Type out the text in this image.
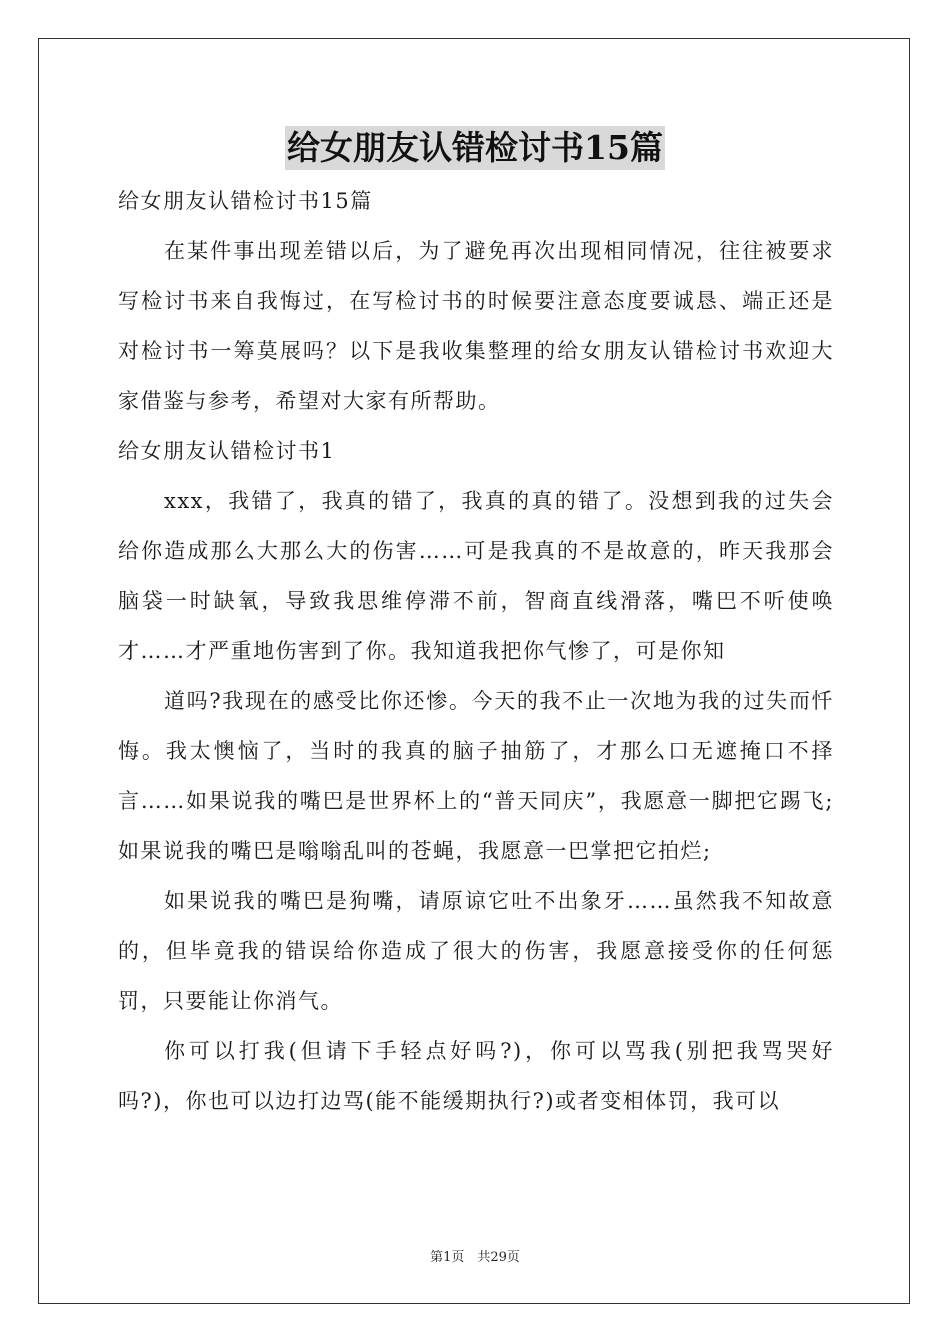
给女朋友认错检讨书15篇

给女朋友认错检讨书15篇

在某件事出现差错以后，为了避免再次出现相同情况，往往被要求写检讨书来自我悔过，在写检讨书的时候要注意态度要诚恳、端正还是对检讨书一筹莫展吗？以下是我收集整理的给女朋友认错检讨书欢迎大家借鉴与参考，希望对大家有所帮助。

给女朋友认错检讨书1

xxx，我错了，我真的错了，我真的真的错了。没想到我的过失会给你造成那么大那么大的伤害……可是我真的不是故意的，昨天我那会脑袋一时缺氧，导致我思维停滞不前，智商直线滑落，嘴巴不听使唤才……才严重地伤害到了你。我知道我把你气惨了，可是你知

道吗?我现在的感受比你还惨。今天的我不止一次地为我的过失而忏悔。我太懊恼了，当时的我真的脑子抽筋了，才那么口无遮掩口不择言……如果说我的嘴巴是世界杯上的“普天同庆”，我愿意一脚把它踢飞;如果说我的嘴巴是嗡嗡乱叫的苍蝇，我愿意一巴掌把它拍烂;

如果说我的嘴巴是狗嘴，请原谅它吐不出象牙……虽然我不知故意的，但毕竟我的错误给你造成了很大的伤害，我愿意接受你的任何惩罚，只要能让你消气。

你可以打我(但请下手轻点好吗?)，你可以骂我(别把我骂哭好吗?)，你也可以边打边骂(能不能缓期执行?)或者变相体罚，我可以

第1页　共29页
